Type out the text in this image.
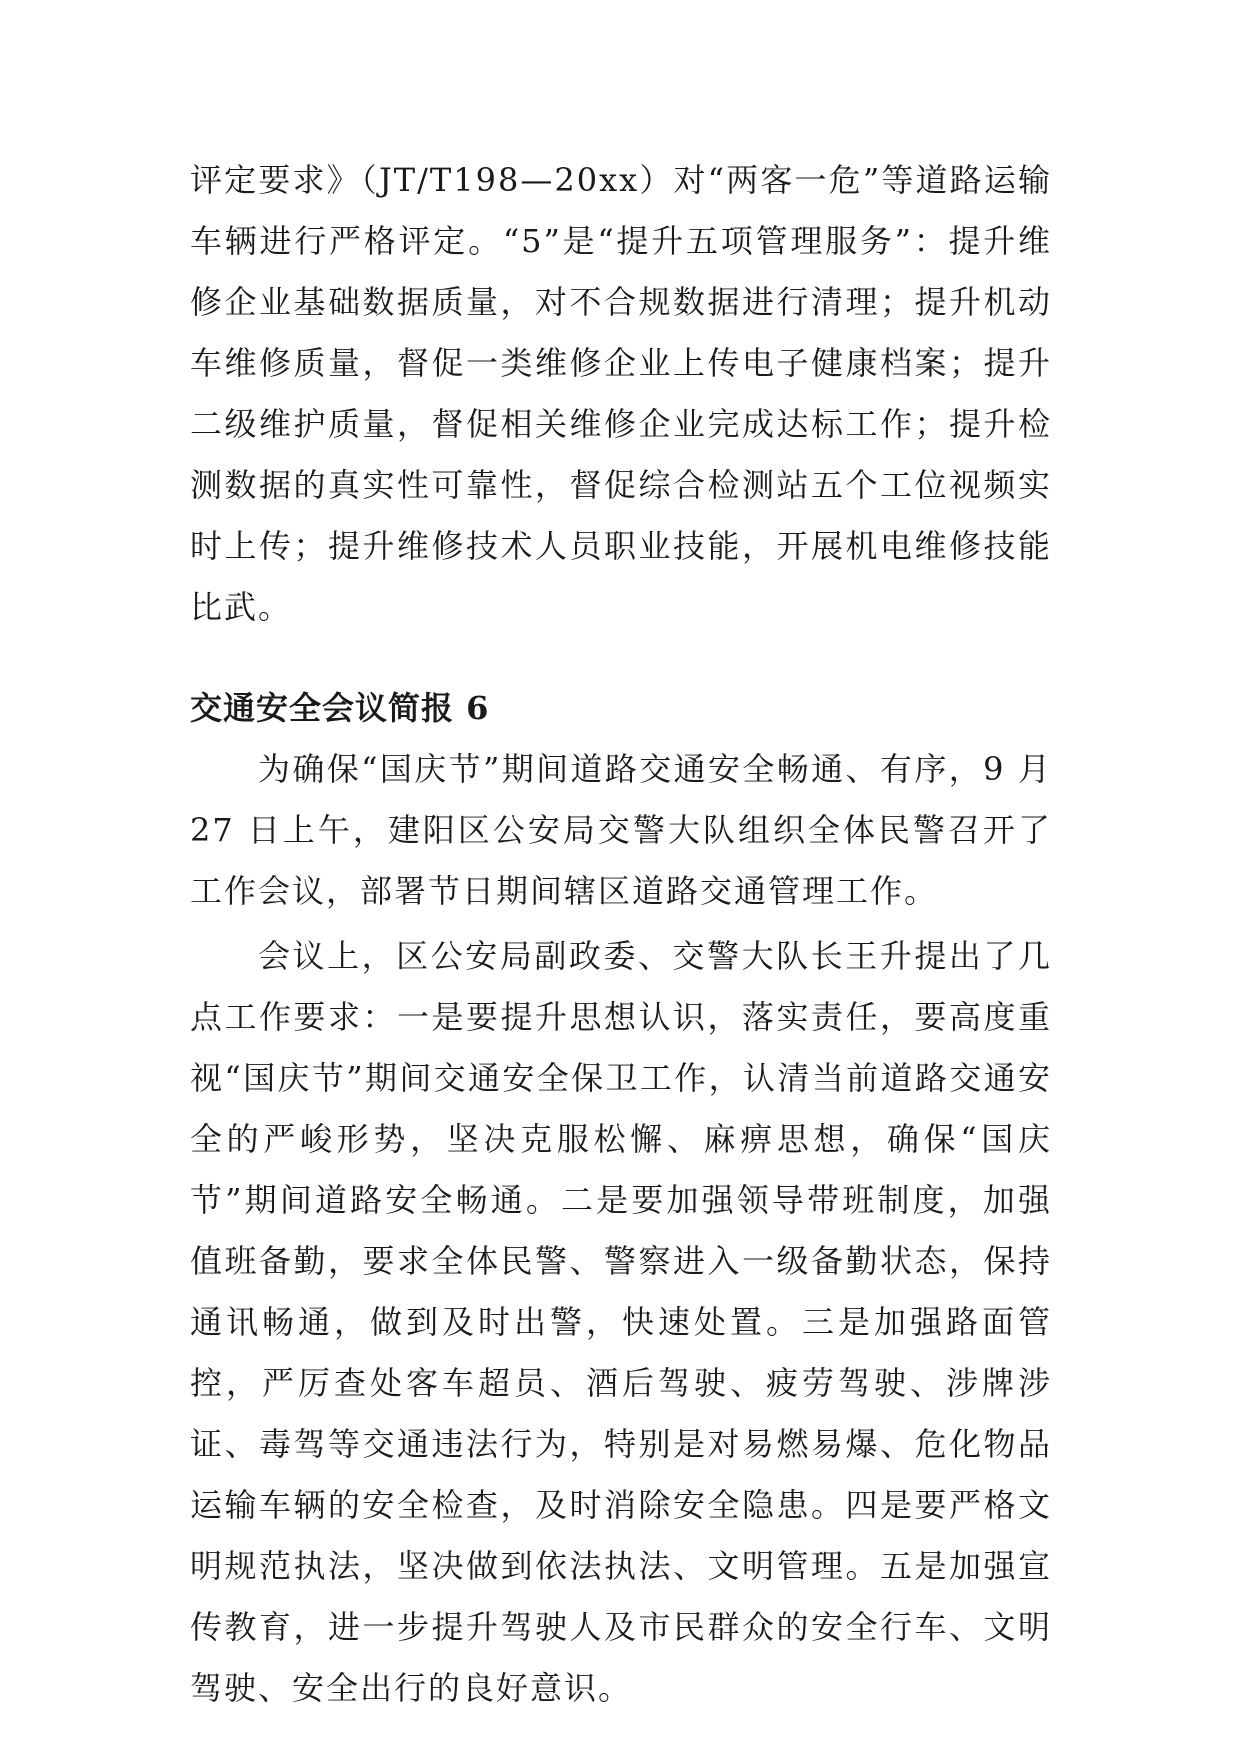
评定要求》（JT/T198—20xx）对“两客一危”等道路运输车辆进行严格评定。“5”是“提升五项管理服务”：提升维修企业基础数据质量，对不合规数据进行清理；提升机动车维修质量，督促一类维修企业上传电子健康档案；提升二级维护质量，督促相关维修企业完成达标工作；提升检测数据的真实性可靠性，督促综合检测站五个工位视频实时上传；提升维修技术人员职业技能，开展机电维修技能比武。

交通安全会议简报 6

为确保“国庆节”期间道路交通安全畅通、有序，9 月 27 日上午，建阳区公安局交警大队组织全体民警召开了工作会议，部署节日期间辖区道路交通管理工作。

会议上，区公安局副政委、交警大队长王升提出了几点工作要求：一是要提升思想认识，落实责任，要高度重视“国庆节”期间交通安全保卫工作，认清当前道路交通安全的严峻形势，坚决克服松懈、麻痹思想，确保“国庆节”期间道路安全畅通。二是要加强领导带班制度，加强值班备勤，要求全体民警、警察进入一级备勤状态，保持通讯畅通，做到及时出警，快速处置。三是加强路面管控，严厉查处客车超员、酒后驾驶、疲劳驾驶、涉牌涉证、毒驾等交通违法行为，特别是对易燃易爆、危化物品运输车辆的安全检查，及时消除安全隐患。四是要严格文明规范执法，坚决做到依法执法、文明管理。五是加强宣传教育，进一步提升驾驶人及市民群众的安全行车、文明驾驶、安全出行的良好意识。
